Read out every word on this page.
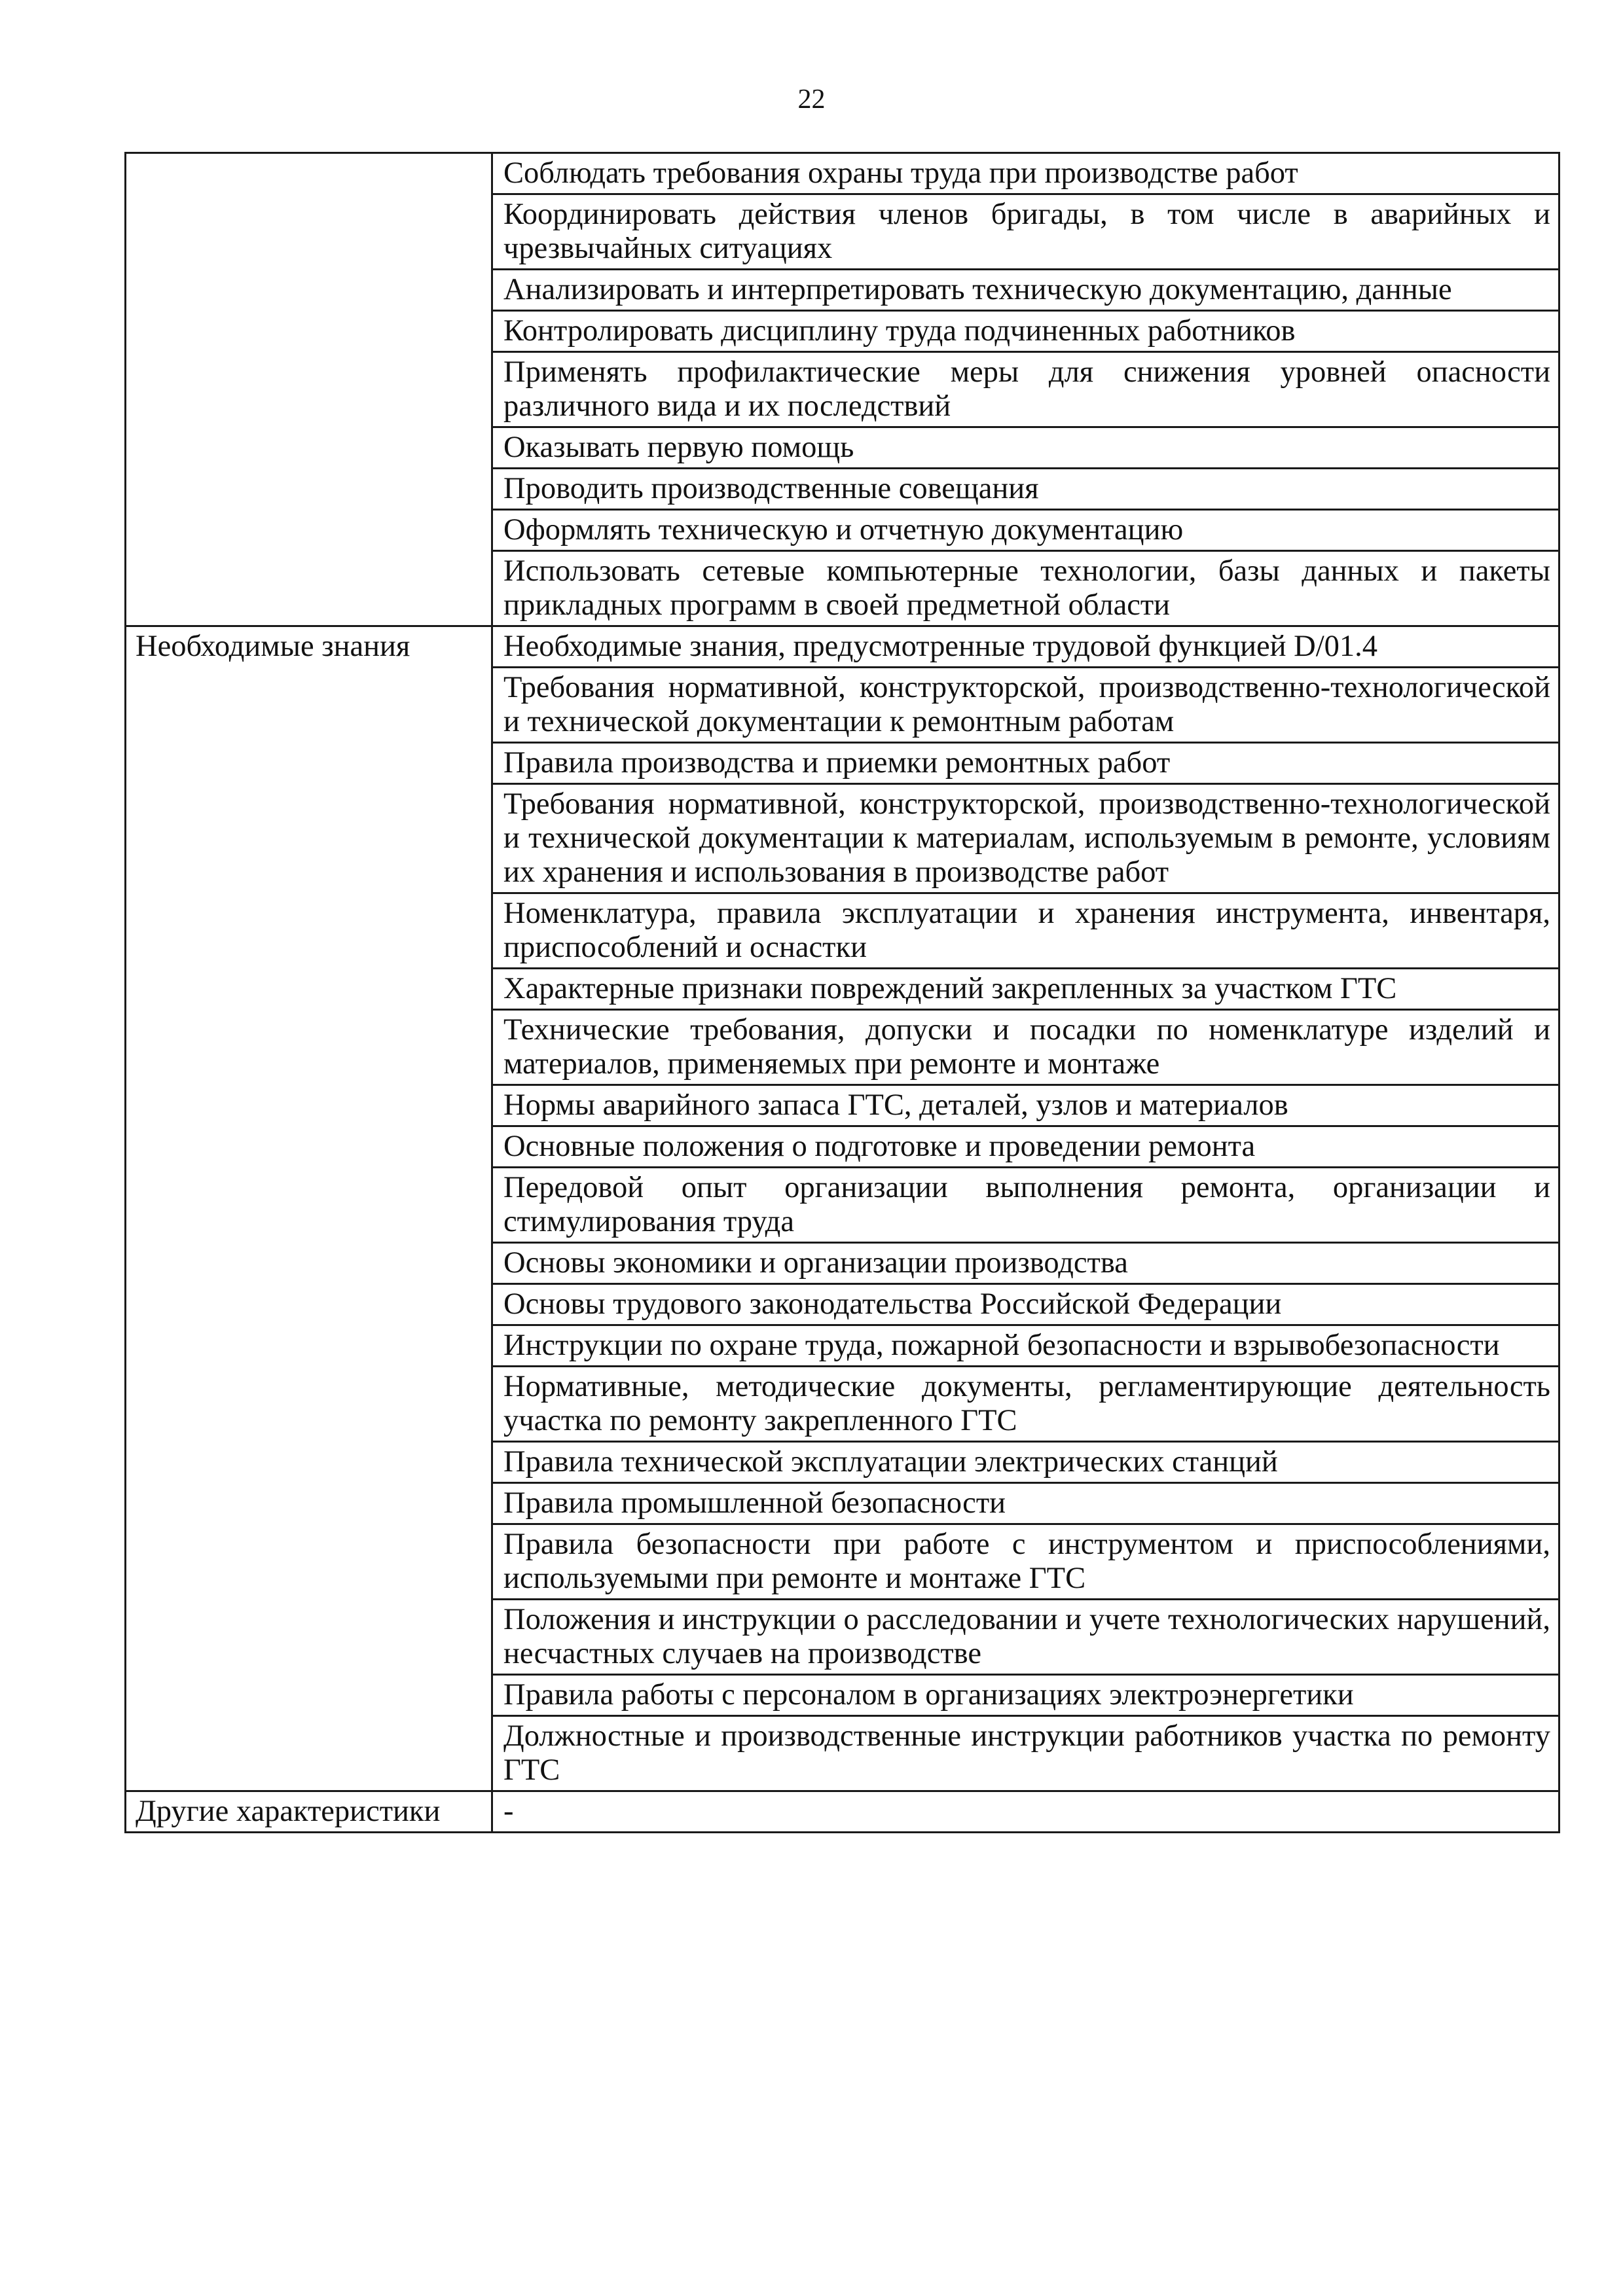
22
	Соблюдать требования охраны труда при производстве работ
	Координировать действия членов бригады, в том числе в аварийных и чрезвычайных ситуациях
	Анализировать и интерпретировать техническую документацию, данные
	Контролировать дисциплину труда подчиненных работников
	Применять профилактические меры для снижения уровней опасности различного вида и их последствий
	Оказывать первую помощь
	Проводить производственные совещания
	Оформлять техническую и отчетную документацию
	Использовать сетевые компьютерные технологии, базы данных и пакеты прикладных программ в своей предметной области
Необходимые знания	Необходимые знания, предусмотренные трудовой функцией D/01.4
	Требования нормативной, конструкторской, производственно-технологической и технической документации к ремонтным работам
	Правила производства и приемки ремонтных работ
	Требования нормативной, конструкторской, производственно-технологической и технической документации к материалам, используемым в ремонте, условиям их хранения и использования в производстве работ
	Номенклатура, правила эксплуатации и хранения инструмента, инвентаря, приспособлений и оснастки
	Характерные признаки повреждений закрепленных за участком ГТС
	Технические требования, допуски и посадки по номенклатуре изделий и материалов, применяемых при ремонте и монтаже
	Нормы аварийного запаса ГТС, деталей, узлов и материалов
	Основные положения о подготовке и проведении ремонта
	Передовой опыт организации выполнения ремонта, организации и стимулирования труда
	Основы экономики и организации производства
	Основы трудового законодательства Российской Федерации
	Инструкции по охране труда, пожарной безопасности и взрывобезопасности
	Нормативные, методические документы, регламентирующие деятельность участка по ремонту закрепленного ГТС
	Правила технической эксплуатации электрических станций
	Правила промышленной безопасности
	Правила безопасности при работе с инструментом и приспособлениями, используемыми при ремонте и монтаже ГТС
	Положения и инструкции о расследовании и учете технологических нарушений, несчастных случаев на производстве
	Правила работы с персоналом в организациях электроэнергетики
	Должностные и производственные инструкции работников участка по ремонту ГТС
Другие характеристики	-
